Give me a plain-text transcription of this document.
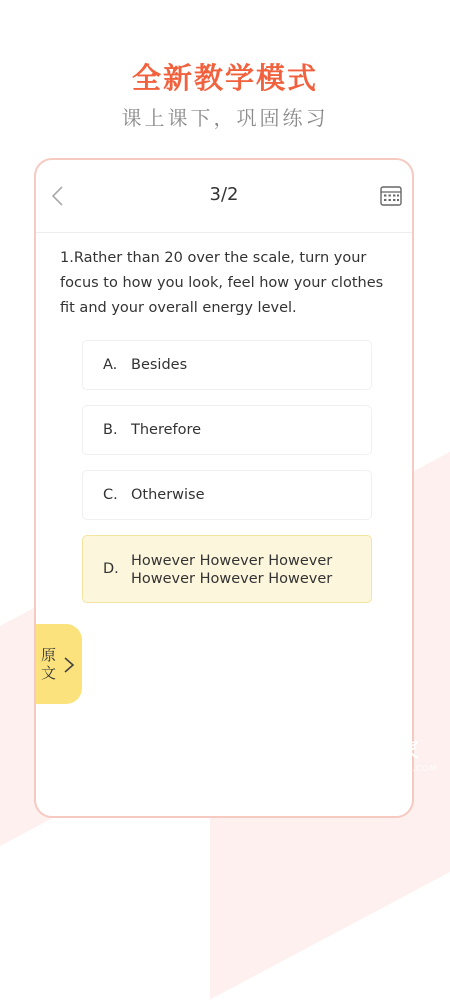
全新教学模式
课上课下，巩固练习
3/2
1.Rather than 20 over the scale, turn your focus to how you look, feel how your clothes fit and your overall energy level.
A. Besides
B. Therefore
C. Otherwise
D. However However However However However However
原文
硬件之家
YING JIAN ZHI JIA.COM
